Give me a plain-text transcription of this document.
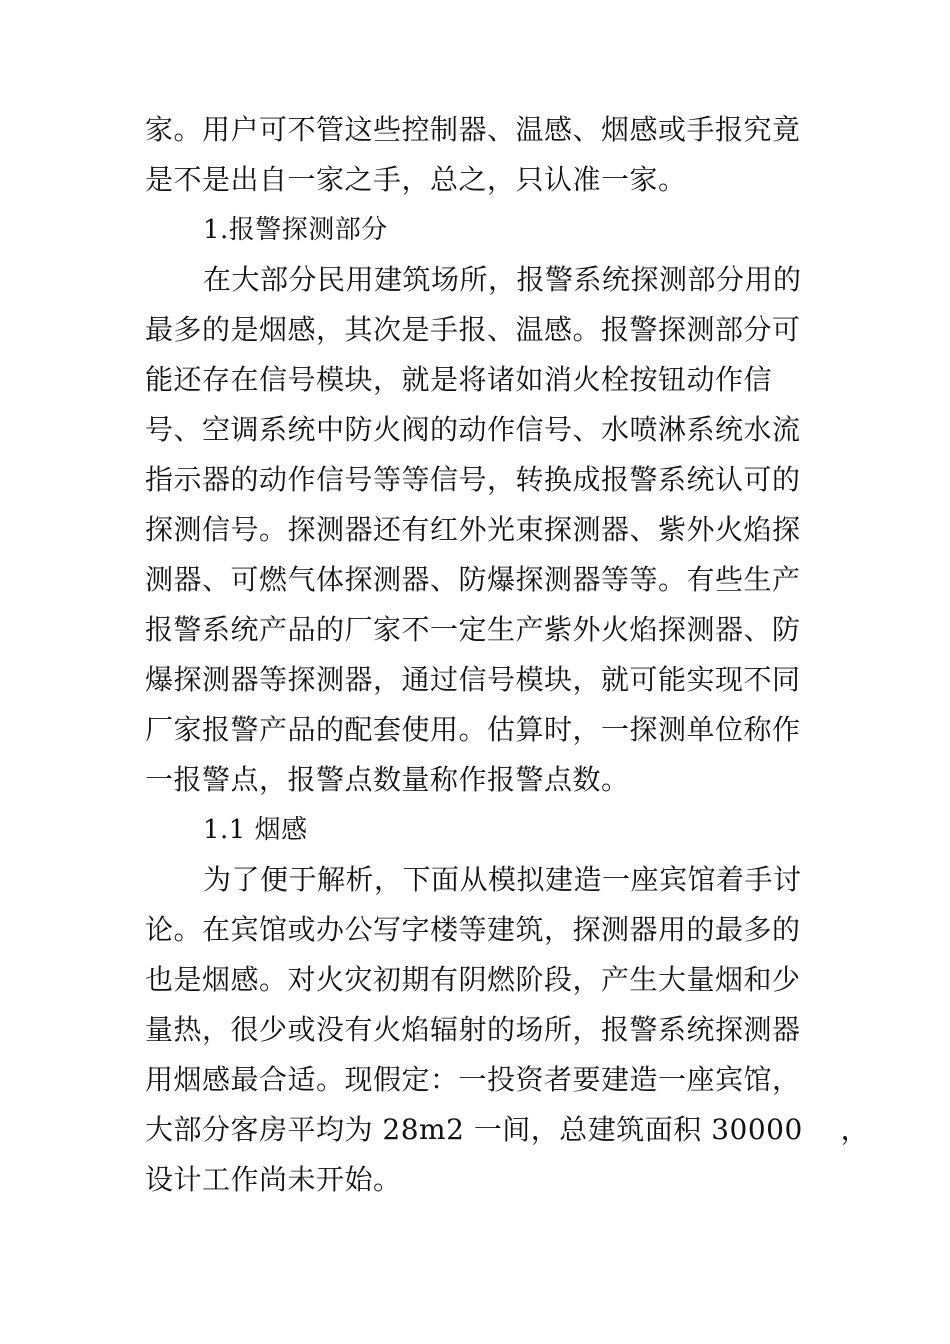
家。用户可不管这些控制器、温感、烟感或手报究竟
是不是出自一家之手，总之，只认准一家。
1.报警探测部分
在大部分民用建筑场所，报警系统探测部分用的
最多的是烟感，其次是手报、温感。报警探测部分可
能还存在信号模块，就是将诸如消火栓按钮动作信
号、空调系统中防火阀的动作信号、水喷淋系统水流
指示器的动作信号等等信号，转换成报警系统认可的
探测信号。探测器还有红外光束探测器、紫外火焰探
测器、可燃气体探测器、防爆探测器等等。有些生产
报警系统产品的厂家不一定生产紫外火焰探测器、防
爆探测器等探测器，通过信号模块，就可能实现不同
厂家报警产品的配套使用。估算时，一探测单位称作
一报警点，报警点数量称作报警点数。
1.1 烟感
为了便于解析，下面从模拟建造一座宾馆着手讨
论。在宾馆或办公写字楼等建筑，探测器用的最多的
也是烟感。对火灾初期有阴燃阶段，产生大量烟和少
量热，很少或没有火焰辐射的场所，报警系统探测器
用烟感最合适。现假定：一投资者要建造一座宾馆，
大部分客房平均为 28m2 一间，总建筑面积 30000　 ，
设计工作尚未开始。
